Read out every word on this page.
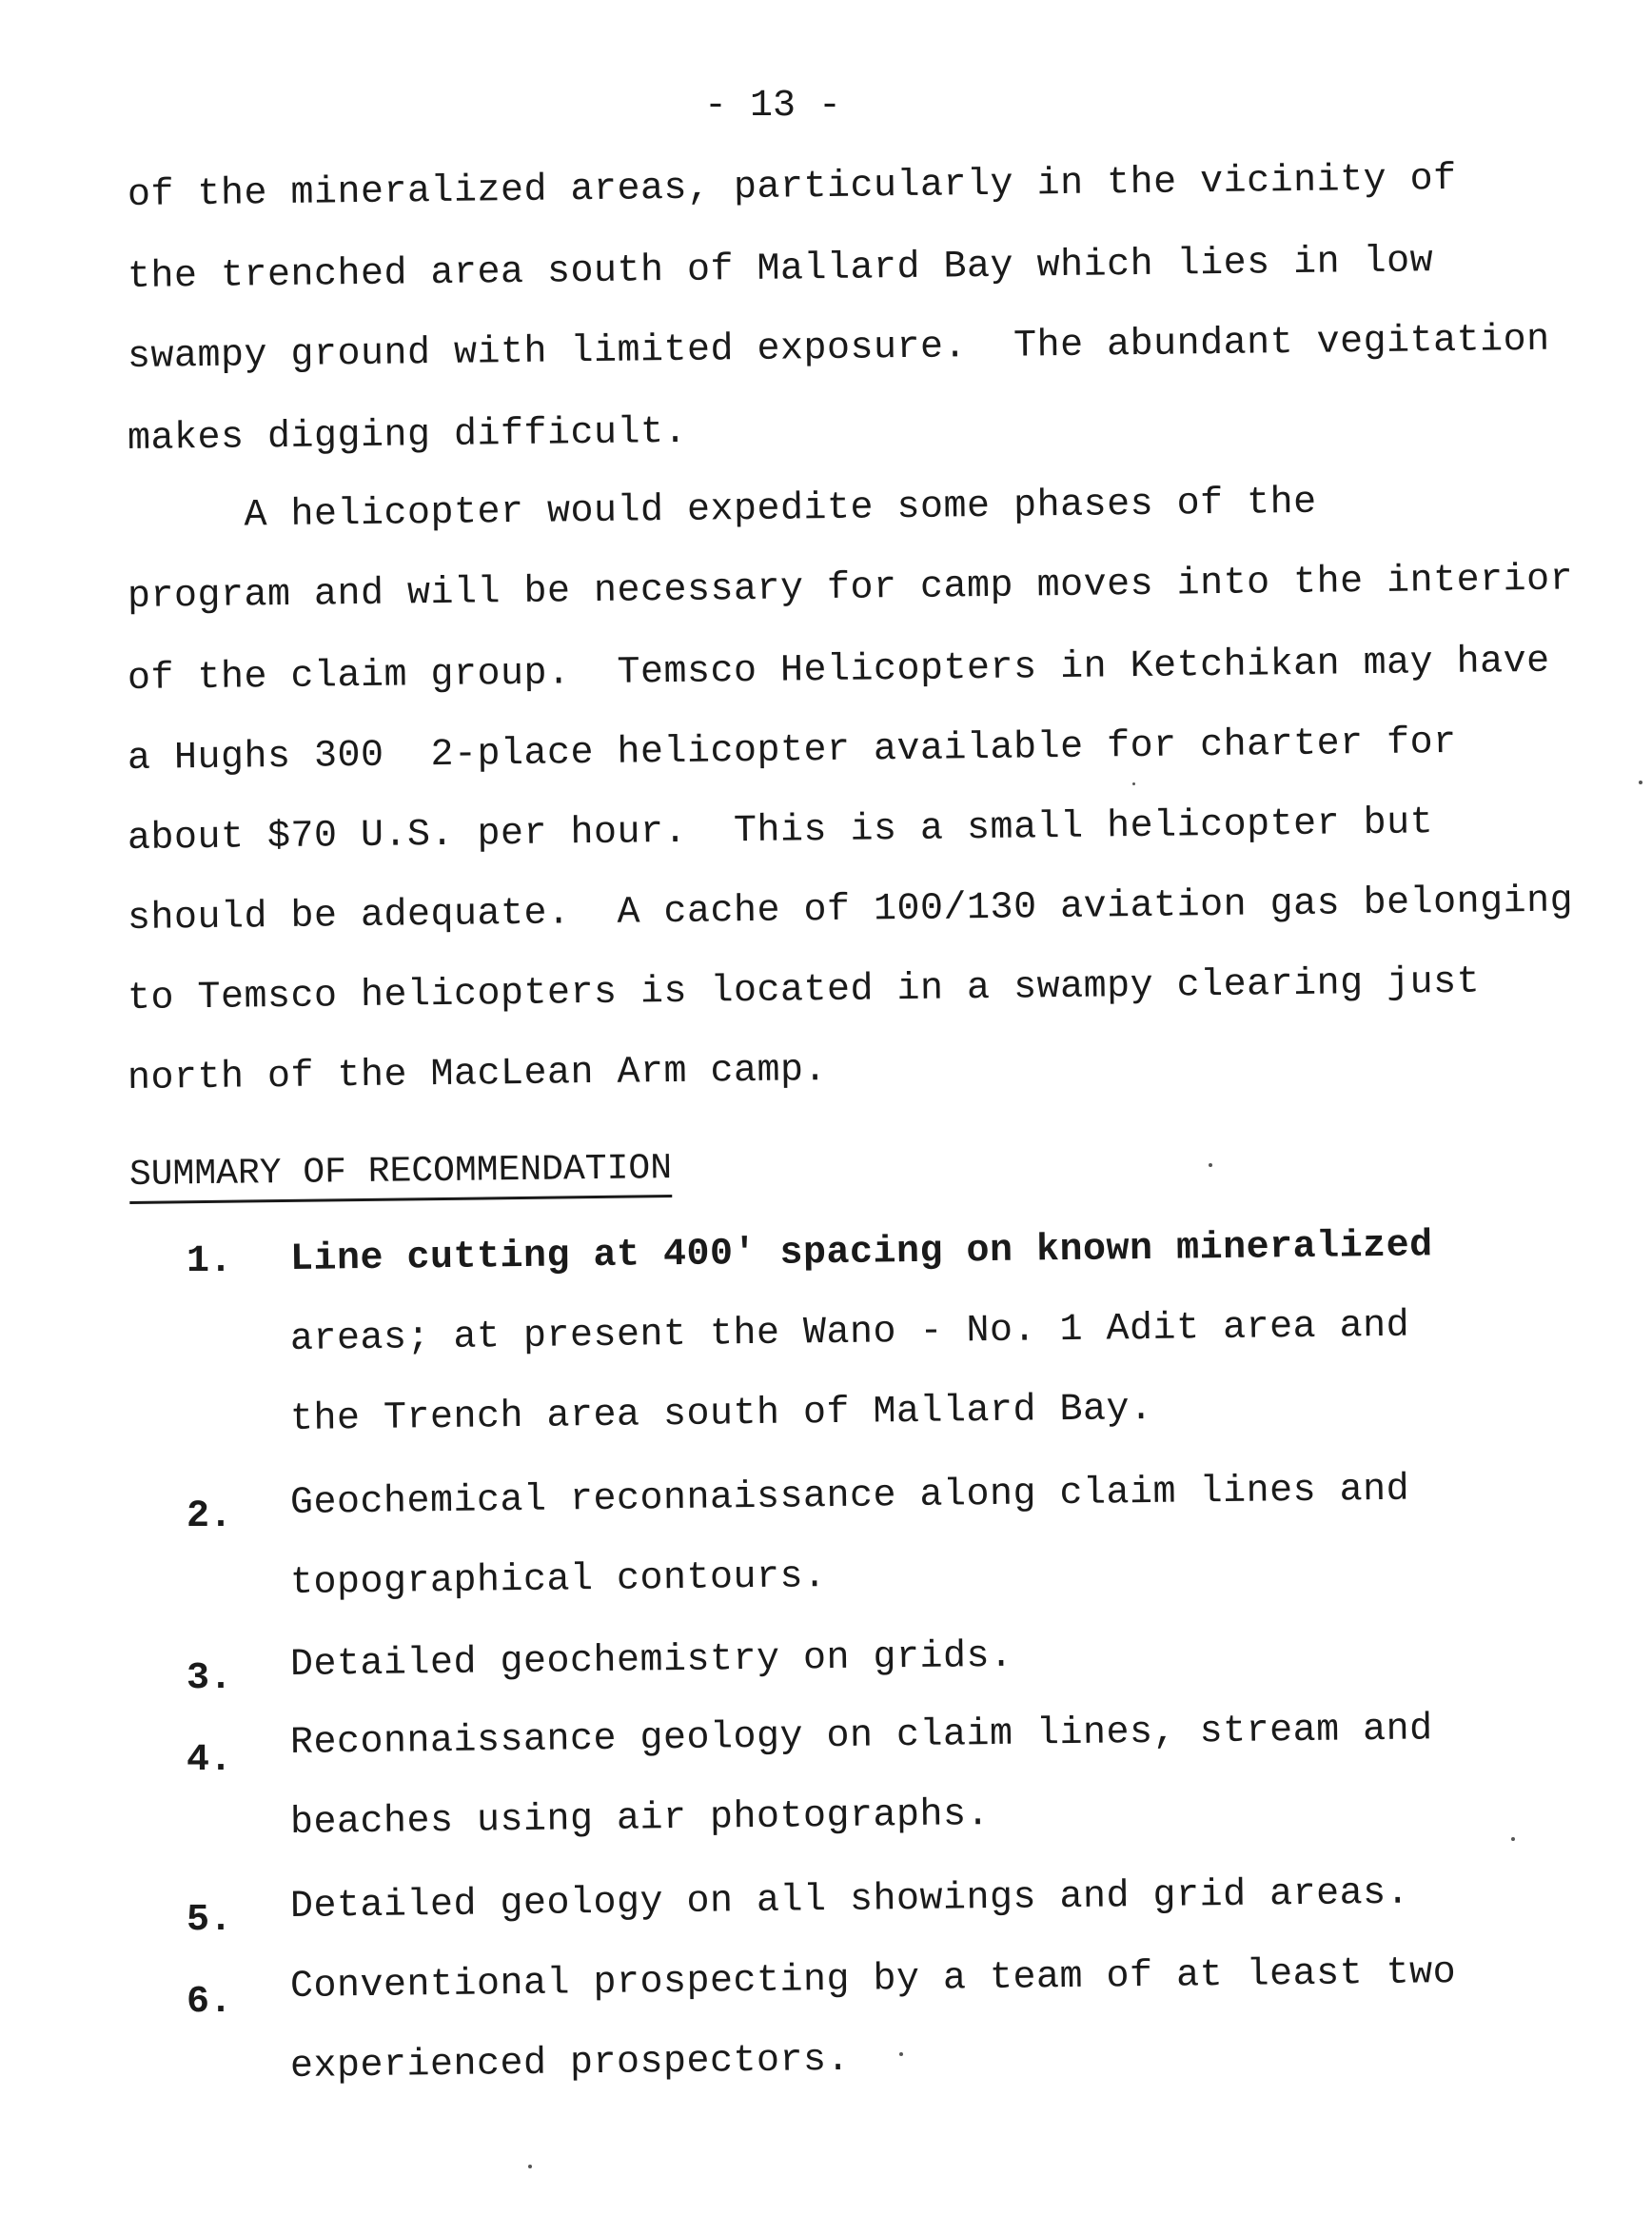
- 13 -
of the mineralized areas, particularly in the vicinity of
the trenched area south of Mallard Bay which lies in low
swampy ground with limited exposure.  The abundant vegitation
makes digging difficult.
A helicopter would expedite some phases of the
program and will be necessary for camp moves into the interior
of the claim group.  Temsco Helicopters in Ketchikan may have
a Hughs 300  2-place helicopter available for charter for
about $70 U.S. per hour.  This is a small helicopter but
should be adequate.  A cache of 100/130 aviation gas belonging
to Temsco helicopters is located in a swampy clearing just
north of the MacLean Arm camp.
SUMMARY OF RECOMMENDATION
1. Line cutting at 400' spacing on known mineralized
areas; at present the Wano - No. 1 Adit area and
the Trench area south of Mallard Bay.
2. Geochemical reconnaissance along claim lines and
topographical contours.
3. Detailed geochemistry on grids.
4. Reconnaissance geology on claim lines, stream and
beaches using air photographs.
5. Detailed geology on all showings and grid areas.
6. Conventional prospecting by a team of at least two
experienced prospectors.
